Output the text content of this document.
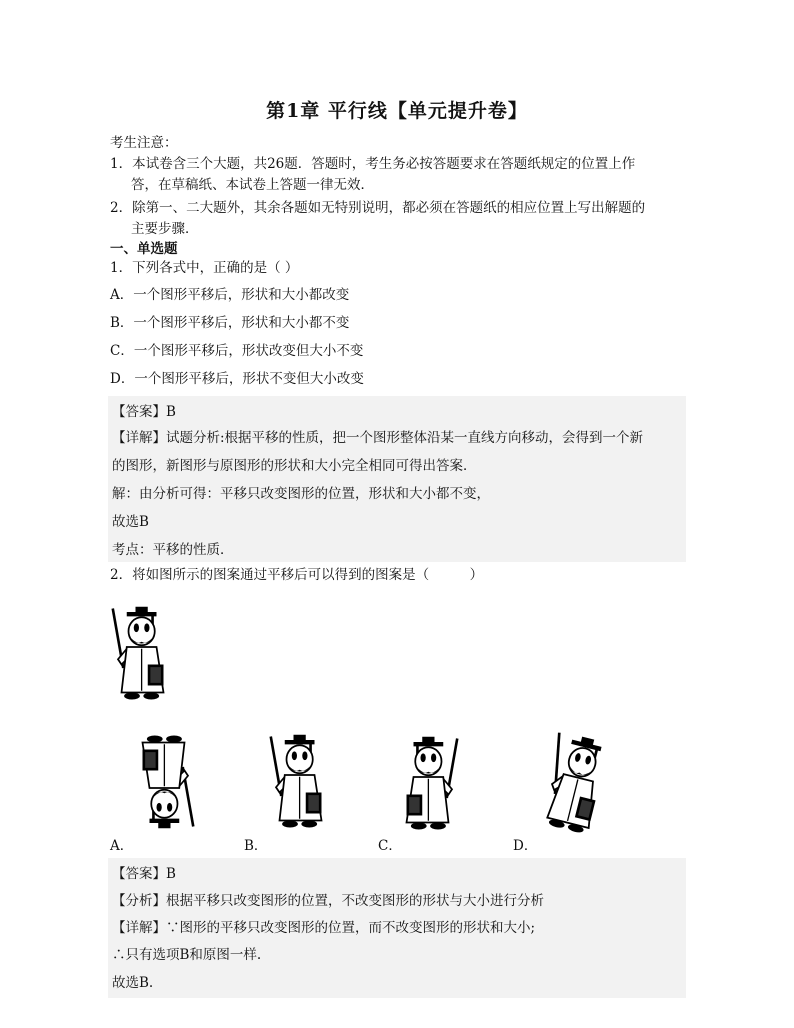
第1章 平行线【单元提升卷】
考生注意：
1．本试卷含三个大题，共26题．答题时，考生务必按答题要求在答题纸规定的位置上作
答，在草稿纸、本试卷上答题一律无效．
2．除第一、二大题外，其余各题如无特别说明，都必须在答题纸的相应位置上写出解题的
主要步骤．
一、单选题
1．下列各式中，正确的是（ ）
A．一个图形平移后，形状和大小都改变
B．一个图形平移后，形状和大小都不变
C．一个图形平移后，形状改变但大小不变
D．一个图形平移后，形状不变但大小改变
【答案】B
【详解】试题分析:根据平移的性质，把一个图形整体沿某一直线方向移动，会得到一个新
的图形，新图形与原图形的形状和大小完全相同可得出答案．
解：由分析可得：平移只改变图形的位置，形状和大小都不变，
故选B
考点：平移的性质．
2．将如图所示的图案通过平移后可以得到的图案是（　　　）
A．	B．	C．	D．
【答案】B
【分析】根据平移只改变图形的位置，不改变图形的形状与大小进行分析
【详解】∵图形的平移只改变图形的位置，而不改变图形的形状和大小;
∴只有选项B和原图一样.
故选B.
